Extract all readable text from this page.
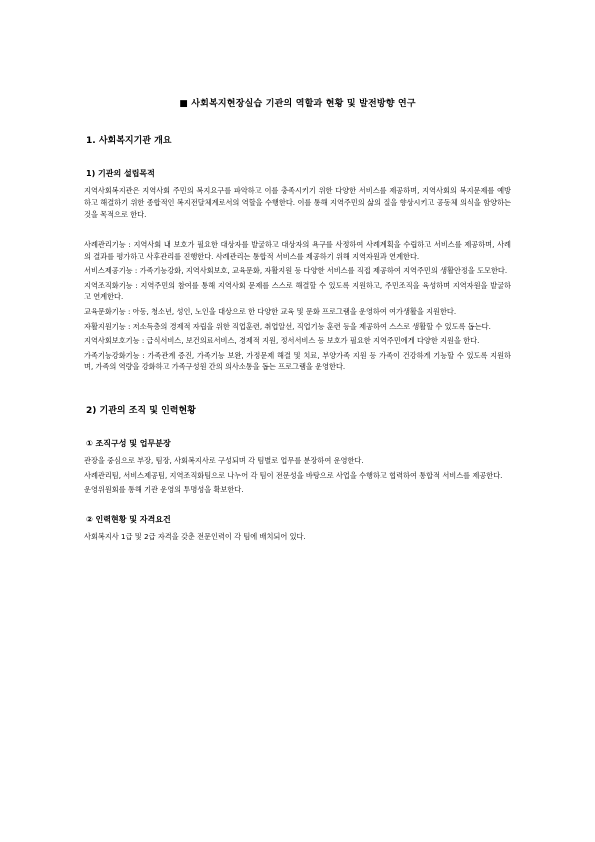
■ 사회복지현장실습 기관의 역할과 현황 및 발전방향 연구
1. 사회복지기관 개요
1) 기관의 설립목적

지역사회복지관은 지역사회 주민의 복지요구를 파악하고 이를 충족시키기 위한 다양한 서비스를 제공하며, 지역사회의 복지문제를 예방하고 해결하기 위한 종합적인 복지전달체계로서의 역할을 수행한다. 이를 통해 지역주민의 삶의 질을 향상시키고 공동체 의식을 함양하는 것을 목적으로 한다.

사례관리기능 : 지역사회 내 보호가 필요한 대상자를 발굴하고 대상자의 욕구를 사정하여 사례계획을 수립하고 서비스를 제공하며, 사례의 결과를 평가하고 사후관리를 진행한다. 사례관리는 통합적 서비스를 제공하기 위해 지역자원과 연계한다.
서비스제공기능 : 가족기능강화, 지역사회보호, 교육문화, 자활지원 등 다양한 서비스를 직접 제공하여 지역주민의 생활안정을 도모한다.
지역조직화기능 : 지역주민의 참여를 통해 지역사회 문제를 스스로 해결할 수 있도록 지원하고, 주민조직을 육성하며 지역자원을 발굴하고 연계한다.
교육문화기능 : 아동, 청소년, 성인, 노인을 대상으로 한 다양한 교육 및 문화 프로그램을 운영하여 여가생활을 지원한다.
자활지원기능 : 저소득층의 경제적 자립을 위한 직업훈련, 취업알선, 직업기능 훈련 등을 제공하여 스스로 생활할 수 있도록 돕는다.
지역사회보호기능 : 급식서비스, 보건의료서비스, 경제적 지원, 정서서비스 등 보호가 필요한 지역주민에게 다양한 지원을 한다.
가족기능강화기능 : 가족관계 증진, 가족기능 보완, 가정문제 해결 및 치료, 부양가족 지원 등 가족이 건강하게 기능할 수 있도록 지원하며, 가족의 역량을 강화하고 가족구성원 간의 의사소통을 돕는 프로그램을 운영한다.
2) 기관의 조직 및 인력현황
① 조직구성 및 업무분장
관장을 중심으로 부장, 팀장, 사회복지사로 구성되며 각 팀별로 업무를 분장하여 운영한다.
사례관리팀, 서비스제공팀, 지역조직화팀으로 나누어 각 팀이 전문성을 바탕으로 사업을 수행하고 협력하여 통합적 서비스를 제공한다.
운영위원회를 통해 기관 운영의 투명성을 확보한다.
② 인력현황 및 자격요건
사회복지사 1급 및 2급 자격을 갖춘 전문인력이 각 팀에 배치되어 있다.
